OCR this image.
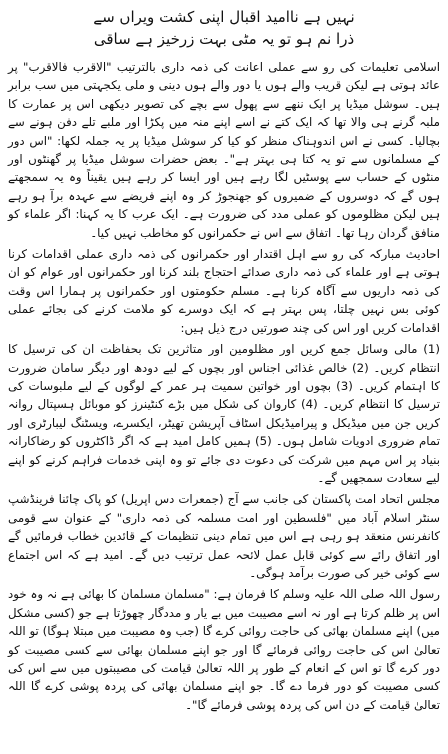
نہیں ہے ناامید اقبال اپنی کشت ویراں سے

ذرا نم ہو تو یہ مٹی بہت زرخیز ہے ساقی

اسلامی تعلیمات کی رو سے عملی اعانت کی ذمہ داری بالترتیب "الاقرب فالاقرب" پر عائد ہوتی ہے لیکن قریب والے ہوں یا دور والے ہوں دینی و ملی یکجہتی میں سب برابر ہیں۔ سوشل میڈیا پر ایک ننھے سے پھول سے بچے کی تصویر دیکھی اس پر عمارت کا ملبہ گرنے ہی والا تھا کہ ایک کتے نے اسے اپنے منہ میں پکڑا اور ملبے تلے دفن ہونے سے بچالیا۔ کسی نے اس اندوہناک منظر کو کیا کر سوشل میڈیا پر یہ جملہ لکھا: "اس دور کے مسلمانوں سے تو یہ کتا ہی بہتر ہے"۔ بعض حضرات سوشل میڈیا پر گھنٹوں اور منٹوں کے حساب سے پوسٹیں لگا رہے ہیں اور ایسا کر رہے ہیں یقیناً وہ یہ سمجھتے ہوں گے کہ دوسروں کے ضمیروں کو جھنجوڑ کر وہ اپنے فریضے سے عہدہ برآ ہو رہے ہیں لیکن مظلوموں کو عملی مدد کی ضرورت ہے۔ ایک عرب کا یہ کہنا: اگر علماء کو منافق گردان رہا تھا۔ اتفاق سے اس نے حکمرانوں کو مخاطب نہیں کیا۔

احادیث مبارکہ کی رو سے اہل اقتدار اور حکمرانوں کی ذمہ داری عملی اقدامات کرنا ہوتی ہے اور علماء کی ذمہ داری صدائے احتجاج بلند کرنا اور حکمرانوں اور عوام کو ان کی ذمہ داریوں سے آگاہ کرنا ہے۔ مسلم حکومتوں اور حکمرانوں پر ہمارا اس وقت کوئی بس نہیں چلتا، پس بہتر ہے کہ ایک دوسرے کو ملامت کرنے کی بجائے عملی اقدامات کریں اور اس کی چند صورتیں درج ذیل ہیں:

(1) مالی وسائل جمع کریں اور مظلومین اور متاثرین تک بحفاظت ان کی ترسیل کا انتظام کریں۔ (2) خالص غذائی اجناس اور بچوں کے لیے دودھ اور دیگر سامان ضرورت کا اہتمام کریں۔ (3) بچوں اور خواتین سمیت ہر عمر کے لوگوں کے لیے ملبوسات کی ترسیل کا انتظام کریں۔ (4) کاروان کی شکل میں بڑے کنٹینرز کو موبائل ہسپتال روانہ کریں جن میں میڈیکل و پیرامیڈیکل اسٹاف آپریشن تھیٹر، ایکسرے، ویسٹنگ لیبارٹری اور تمام ضروری ادویات شامل ہوں۔ (5) ہمیں کامل امید ہے کہ اگر ڈاکٹروں کو رضاکارانہ بنیاد پر اس مہم میں شرکت کی دعوت دی جائے تو وہ اپنی خدمات فراہم کرنے کو اپنے لیے سعادت سمجھیں گے۔

مجلس اتحاد امت پاکستان کی جانب سے آج (جمعرات دس اپریل) کو پاک چائنا فرینڈشپ سنٹر اسلام آباد میں "فلسطین اور امت مسلمہ کی ذمہ داری" کے عنوان سے قومی کانفرنس منعقد ہو رہی ہے اس میں تمام دینی تنظیمات کے قائدین خطاب فرمائیں گے اور اتفاق رائے سے کوئی قابل عمل لائحہ عمل ترتیب دیں گے۔ امید ہے کہ اس اجتماع سے کوئی خیر کی صورت برآمد ہوگی۔

رسول اللہ صلی اللہ علیہ وسلم کا فرمان ہے: "مسلمان مسلمان کا بھائی ہے نہ وہ خود اس پر ظلم کرتا ہے اور نہ اسے مصیبت میں بے یار و مددگار چھوڑتا ہے جو (کسی مشکل میں) اپنے مسلمان بھائی کی حاجت روائی کرے گا (جب وہ مصیبت میں مبتلا ہوگا) تو اللہ تعالیٰ اس کی حاجت روائی فرمائے گا اور جو اپنے مسلمان بھائی سے کسی مصیبت کو دور کرے گا تو اس کے انعام کے طور پر اللہ تعالیٰ قیامت کی مصیبتوں میں سے اس کی کسی مصیبت کو دور فرما دے گا۔ جو اپنے مسلمان بھائی کی پردہ پوشی کرے گا اللہ تعالیٰ قیامت کے دن اس کی پردہ پوشی فرمائے گا"۔
